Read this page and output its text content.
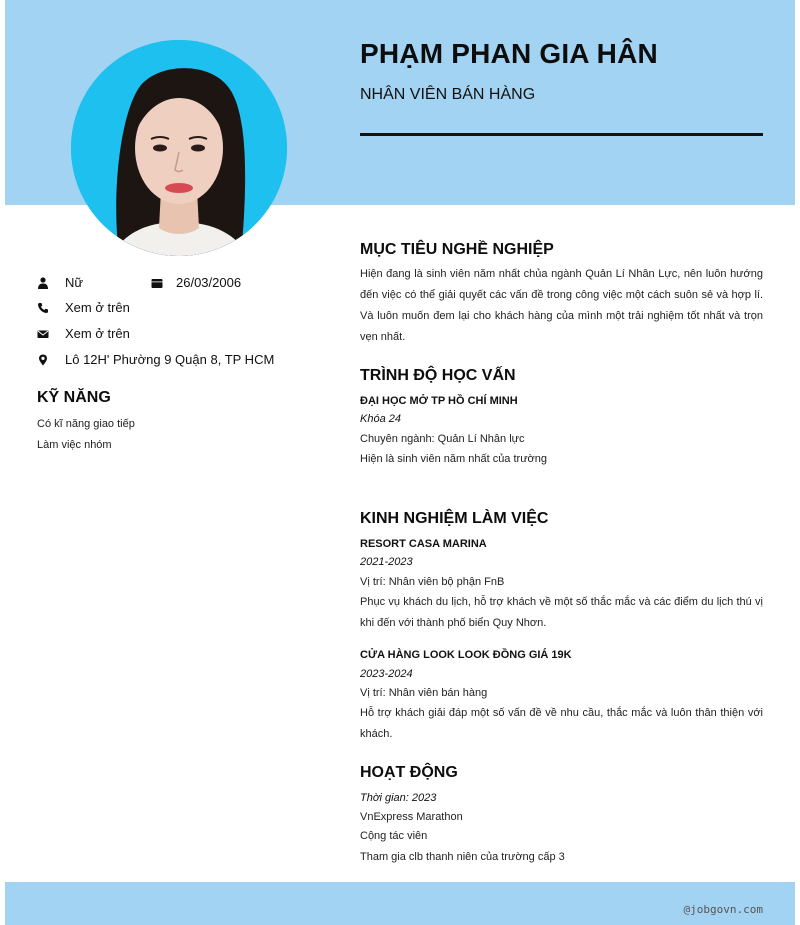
PHẠM PHAN GIA HÂN
NHÂN VIÊN BÁN HÀNG
Nữ	26/03/2006
Xem ở trên
Xem ở trên
Lô 12H' Phường 9 Quận 8, TP HCM
KỸ NĂNG
Có kĩ năng giao tiếp
Làm việc nhóm
MỤC TIÊU NGHỀ NGHIỆP
Hiện đang là sinh viên năm nhất chủa ngành Quản Lí Nhân Lực, nên luôn hướng đến việc có thể giải quyết các vấn đề trong công việc một cách suôn sẻ và hợp lí. Và luôn muốn đem lại cho khách hàng của mình một trải nghiệm tốt nhất và trọn vẹn nhất.
TRÌNH ĐỘ HỌC VẤN
ĐẠI HỌC MỞ TP HỒ CHÍ MINH
Khóa 24
Chuyên ngành: Quản Lí Nhân lực
Hiện là sinh viên năm nhất của trường
KINH NGHIỆM LÀM VIỆC
RESORT CASA MARINA
2021-2023
Vị trí: Nhân viên bộ phận FnB
Phục vụ khách du lịch, hỗ trợ khách về một số thắc mắc và các điểm du lịch thú vị khi đến với thành phố biển Quy Nhơn.
CỬA HÀNG LOOK LOOK ĐỒNG GIÁ 19K
2023-2024
Vị trí: Nhân viên bán hàng
Hỗ trợ khách giải đáp một số vấn đề về nhu cầu, thắc mắc và luôn thân thiện với khách.
HOẠT ĐỘNG
Thời gian: 2023
VnExpress Marathon
Cộng tác viên
Tham gia clb thanh niên của trường cấp 3
@jobgovn.com
